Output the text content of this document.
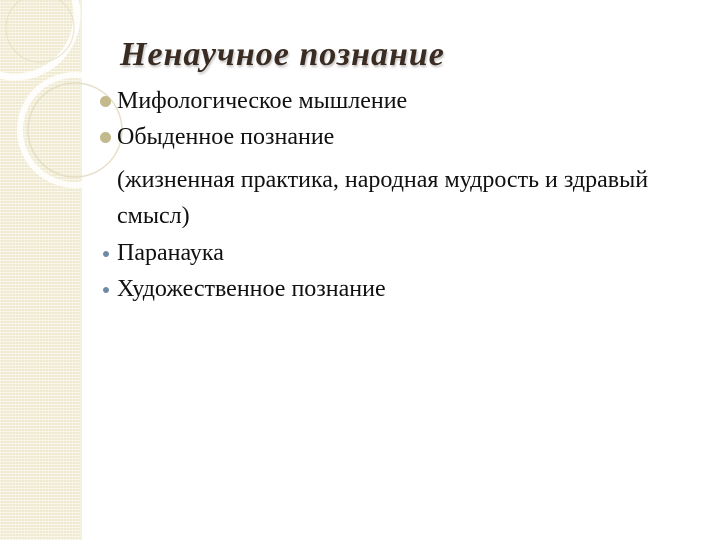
Ненаучное познание
Мифологическое мышление
Обыденное познание
Паранаука
Художественное познание
(жизненная практика, народная мудрость и здравый смысл)
